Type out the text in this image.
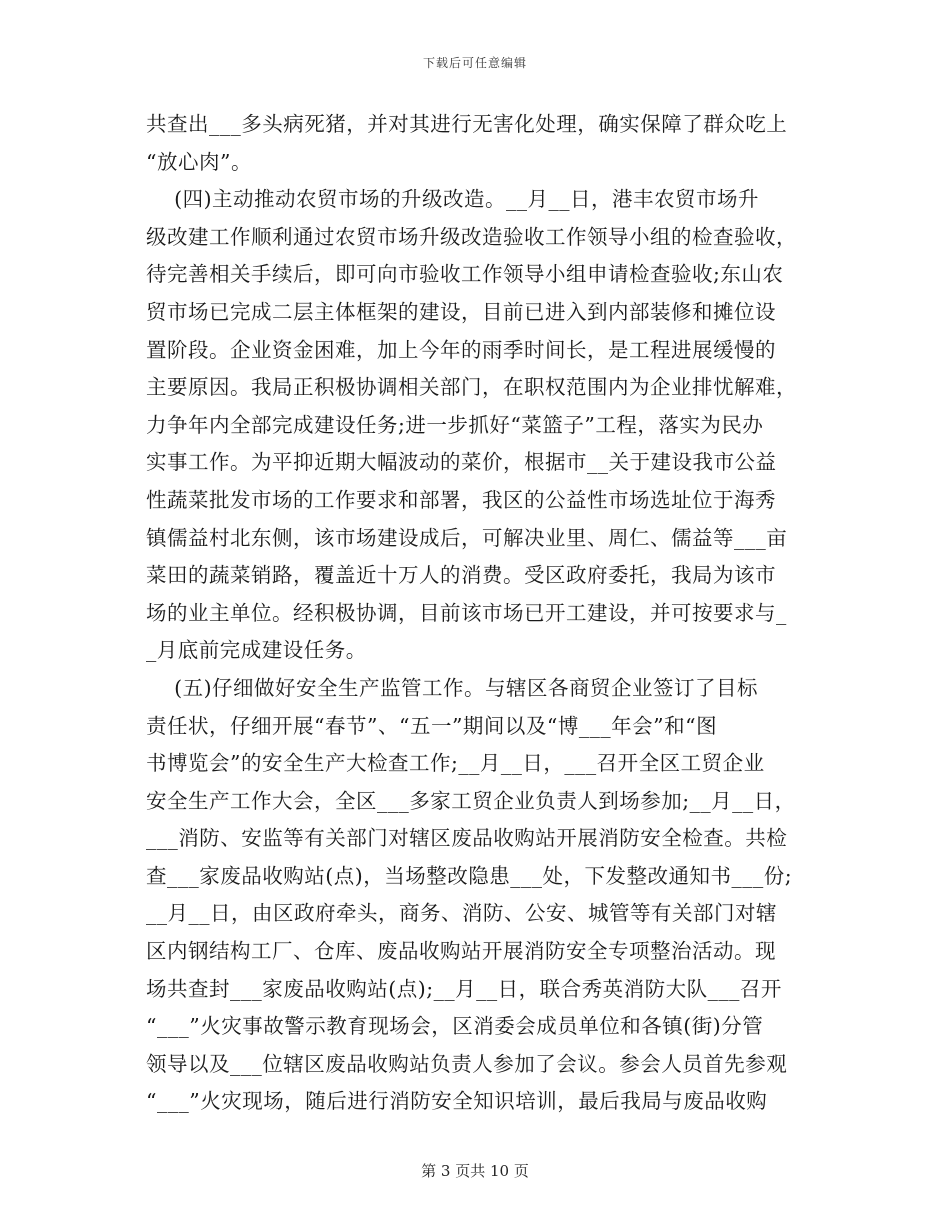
下载后可任意编辑
共查出___多头病死猪，并对其进行无害化处理，确实保障了群众吃上
“放心肉”。
(四)主动推动农贸市场的升级改造。__月__日，港丰农贸市场升
级改建工作顺利通过农贸市场升级改造验收工作领导小组的检查验收，
待完善相关手续后，即可向市验收工作领导小组申请检查验收;东山农
贸市场已完成二层主体框架的建设，目前已进入到内部装修和摊位设
置阶段。企业资金困难，加上今年的雨季时间长，是工程进展缓慢的
主要原因。我局正积极协调相关部门，在职权范围内为企业排忧解难，
力争年内全部完成建设任务;进一步抓好“菜篮子”工程，落实为民办
实事工作。为平抑近期大幅波动的菜价，根据市__关于建设我市公益
性蔬菜批发市场的工作要求和部署，我区的公益性市场选址位于海秀
镇儒益村北东侧，该市场建设成后，可解决业里、周仁、儒益等___亩
菜田的蔬菜销路，覆盖近十万人的消费。受区政府委托，我局为该市
场的业主单位。经积极协调，目前该市场已开工建设，并可按要求与_
_月底前完成建设任务。
(五)仔细做好安全生产监管工作。与辖区各商贸企业签订了目标
责任状，仔细开展“春节”、“五一”期间以及“博___年会”和“图
书博览会”的安全生产大检查工作;__月__日，___召开全区工贸企业
安全生产工作大会，全区___多家工贸企业负责人到场参加;__月__日，
___消防、安监等有关部门对辖区废品收购站开展消防安全检查。共检
查___家废品收购站(点)，当场整改隐患___处，下发整改通知书___份;
__月__日，由区政府牵头，商务、消防、公安、城管等有关部门对辖
区内钢结构工厂、仓库、废品收购站开展消防安全专项整治活动。现
场共查封___家废品收购站(点);__月__日，联合秀英消防大队___召开
“___”火灾事故警示教育现场会，区消委会成员单位和各镇(街)分管
领导以及___位辖区废品收购站负责人参加了会议。参会人员首先参观
“___”火灾现场，随后进行消防安全知识培训，最后我局与废品收购
第 3 页共 10 页
